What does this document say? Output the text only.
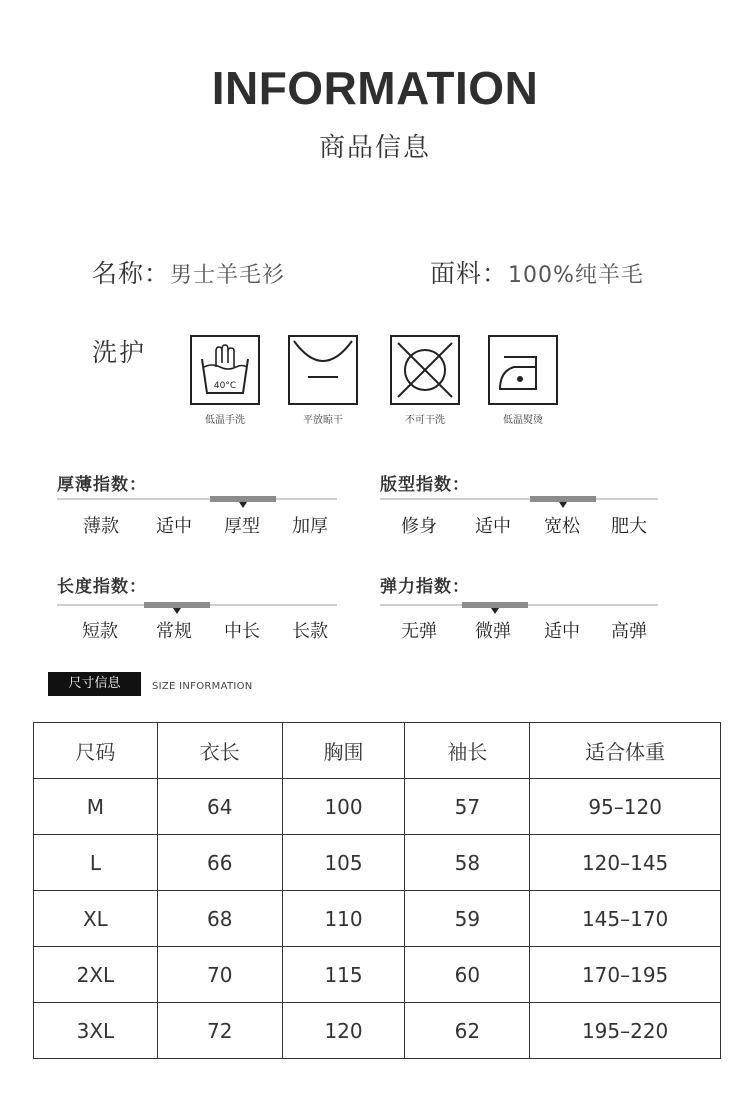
INFORMATION
商品信息
名称：男士羊毛衫	面料：100%纯羊毛
洗护
40°C
低温手洗	平放晾干	不可干洗	低温熨烫
厚薄指数：
薄款	适中	厚型	加厚
版型指数：
修身	适中	宽松	肥大
长度指数：
短款	常规	中长	长款
弹力指数：
无弹	微弹	适中	高弹
尺寸信息	SIZE INFORMATION
尺码	衣长	胸围	袖长	适合体重
M	64	100	57	95–120
L	66	105	58	120–145
XL	68	110	59	145–170
2XL	70	115	60	170–195
3XL	72	120	62	195–220
